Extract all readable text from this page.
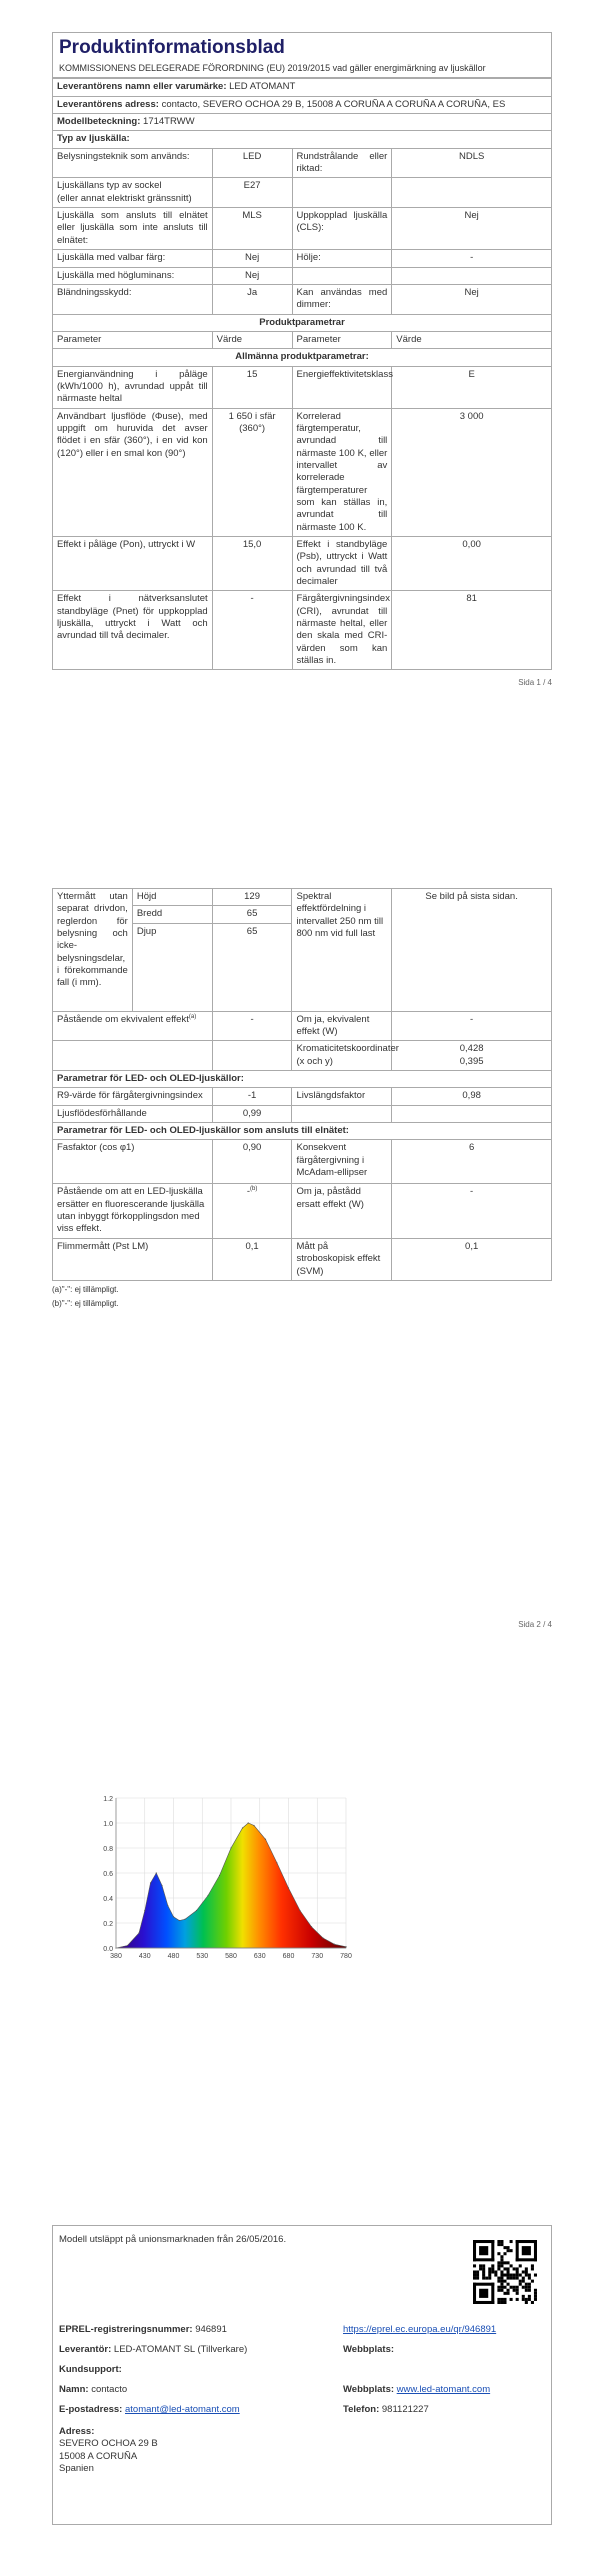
Produktinformationsblad
KOMMISSIONENS DELEGERADE FÖRORDNING (EU) 2019/2015 vad gäller energimärkning av ljuskällor
Leverantörens namn eller varumärke: LED ATOMANT			
Leverantörens adress: contacto, SEVERO OCHOA 29 B, 15008 A CORUÑA A CORUÑA A CORUÑA, ES			
Modellbeteckning: 1714TRWW			
Typ av ljuskälla:			
Belysningsteknik som används:	LED	Rundstrålande eller riktad:	NDLS
Ljuskällans typ av sockel
(eller annat elektriskt gränssnitt)	E27		
Ljuskälla som ansluts till elnätet eller ljuskälla som inte ansluts till elnätet:	MLS	Uppkopplad ljuskälla (CLS):	Nej
Ljuskälla med valbar färg:	Nej	Hölje:	-
Ljuskälla med högluminans:	Nej		
Bländningsskydd:	Ja	Kan användas med dimmer:	Nej
Produktparametrar			
Parameter	Värde	Parameter	Värde
Allmänna produktparametrar:			
Energianvändning i påläge (kWh/1000 h), avrundad uppåt till närmaste heltal	15	Energieffektivitetsklass	E
Användbart ljusflöde (Φuse), med uppgift om huruvida det avser flödet i en sfär (360°), i en vid kon (120°) eller i en smal kon (90°)	1 650 i sfär (360°)	Korrelerad färgtemperatur, avrundad till närmaste 100 K, eller intervallet av korrelerade färgtemperaturer som kan ställas in, avrundat till närmaste 100 K.	3 000
Effekt i påläge (Pon), uttryckt i W	15,0	Effekt i standbyläge (Psb), uttryckt i Watt och avrundad till två decimaler	0,00
Effekt i nätverksanslutet standbyläge (Pnet) för uppkopplad ljuskälla, uttryckt i Watt och avrundad till två decimaler.	-	Färgåtergivningsindex (CRI), avrundat till närmaste heltal, eller den skala med CRI-värden som kan ställas in.	81
Sida 1 / 4
Yttermått utan separat drivdon, reglerdon för belysning och icke-belysningsdelar, i förekommande fall (i mm).	Höjd	129	Spektral effektfördelning i intervallet 250 nm till 800 nm vid full last	Se bild på sista sidan.
	Bredd	65		
	Djup	65		
Påstående om ekvivalent effekt$^{(a)}$		-	Om ja, ekvivalent effekt (W)	-
			Kromaticitetskoordinater (x och y)	0,428
0,395

Parametrar för LED- och OLED-ljuskällor:				
R9-värde för färgåtergivningsindex		-1	Livslängdsfaktor	0,98
Ljusflödesförhållande		0,99		
Parametrar för LED- och OLED-ljuskällor som ansluts till elnätet:				
Fasfaktor (cos φ1)		0,90	Konsekvent färgåtergivning i McAdam-ellipser	6
Påstående om att en LED-ljuskälla ersätter en fluorescerande ljuskälla utan inbyggt förkopplingsdon med viss effekt.		-$^{(b)}$	Om ja, påstådd ersatt effekt (W)	-
Flimmermått (Pst LM)		0,1	Mått på stroboskopisk effekt (SVM)	0,1
(a)"-": ej tillämpligt.
(b)"-": ej tillämpligt.
Sida 2 / 4
0.0
0.2
0.4
0.6
0.8
1.0
1.2
380 430 480 530 580 630 680 730 780
Modell utsläppt på unionsmarknaden från 26/05/2016.
EPREL-registreringsnummer: 946891	https://eprel.ec.europa.eu/qr/946891
Leverantör: LED-ATOMANT SL (Tillverkare)	Webbplats:
Kundsupport:
Namn: contacto	Webbplats: www.led-atomant.com
E-postadress: atomant@led-atomant.com	Telefon: 981121227
Adress:
SEVERO OCHOA 29 B
15008 A CORUÑA
Spanien
